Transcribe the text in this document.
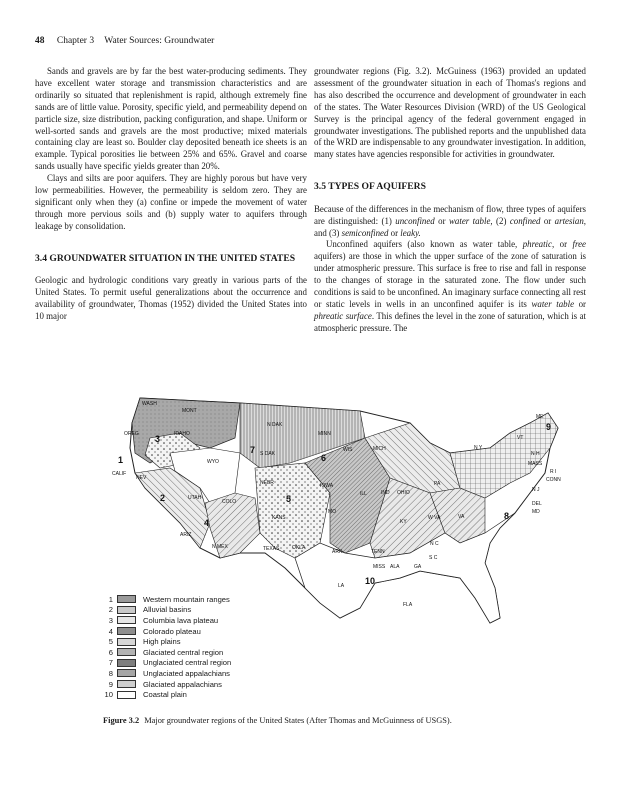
48 Chapter 3 Water Sources: Groundwater

Sands and gravels are by far the best water-producing sediments. They have excellent water storage and transmission characteristics and are ordinarily so situated that replenishment is rapid, although extremely fine sands are of little value. Porosity, specific yield, and permeability depend on particle size, size distribution, packing configuration, and shape. Uniform or well-sorted sands and gravels are the most productive; mixed materials containing clay are least so. Boulder clay deposited beneath ice sheets is an example. Typical porosities lie between 25% and 65%. Gravel and coarse sands usually have specific yields greater than 20%.

Clays and silts are poor aquifers. They are highly porous but have very low permeabilities. However, the permeability is seldom zero. They are significant only when they (a) confine or impede the movement of water through more pervious soils and (b) supply water to aquifers through leakage by consolidation.

3.4 GROUNDWATER SITUATION IN THE UNITED STATES

Geologic and hydrologic conditions vary greatly in various parts of the United States. To permit useful generalizations about the occurrence and availability of groundwater, Thomas (1952) divided the United States into 10 major

groundwater regions (Fig. 3.2). McGuiness (1963) provided an updated assessment of the groundwater situation in each of Thomas's regions and has also described the occurrence and development of groundwater in each of the states. The Water Resources Division (WRD) of the US Geological Survey is the principal agency of the federal government engaged in groundwater investigations. The published reports and the unpublished data of the WRD are indispensable to any groundwater investigation. In addition, many states have agencies responsible for activities in groundwater.

3.5 TYPES OF AQUIFERS

Because of the differences in the mechanism of flow, three types of aquifers are distinguished: (1) unconfined or water table, (2) confined or artesian, and (3) semiconfined or leaky.

Unconfined aquifers (also known as water table, phreatic, or free aquifers) are those in which the upper surface of the zone of saturation is under atmospheric pressure. This surface is free to rise and fall in response to the changes of storage in the saturated zone. The flow under such conditions is said to be unconfined. An imaginary surface connecting all rest or static levels in wells in an unconfined aquifer is its water table or phreatic surface. This defines the level in the zone of saturation, which is at atmospheric pressure. The

1
2
3
4
5
6
7
8
9
10
WASH
OREG	IDAHO
MONT
N DAK
S DAK
WYO
MINN
WIS	MICH
IOWA
NEBR
CALIF
NEV
UTAH
COLO
KANS
MO
ILL	IND OHIO
PA
N Y
VT
N H
ME
MASS
R I
CONN
N J
DEL
MD
W VA	VA
KY
TENN
N C
S C
GA
ALA
MISS
ARK
LA
OKLA
TEXAS
N MEX
ARIZ
FLA
1	Western mountain ranges
2	Alluvial basins
3	Columbia lava plateau
4	Colorado plateau
5	High plains
6	Glaciated central region
7	Unglaciated central region
8	Unglaciated appalachians
9	Glaciated appalachians
10	Coastal plain
Figure 3.2 Major groundwater regions of the United States (After Thomas and McGuinness of USGS).
